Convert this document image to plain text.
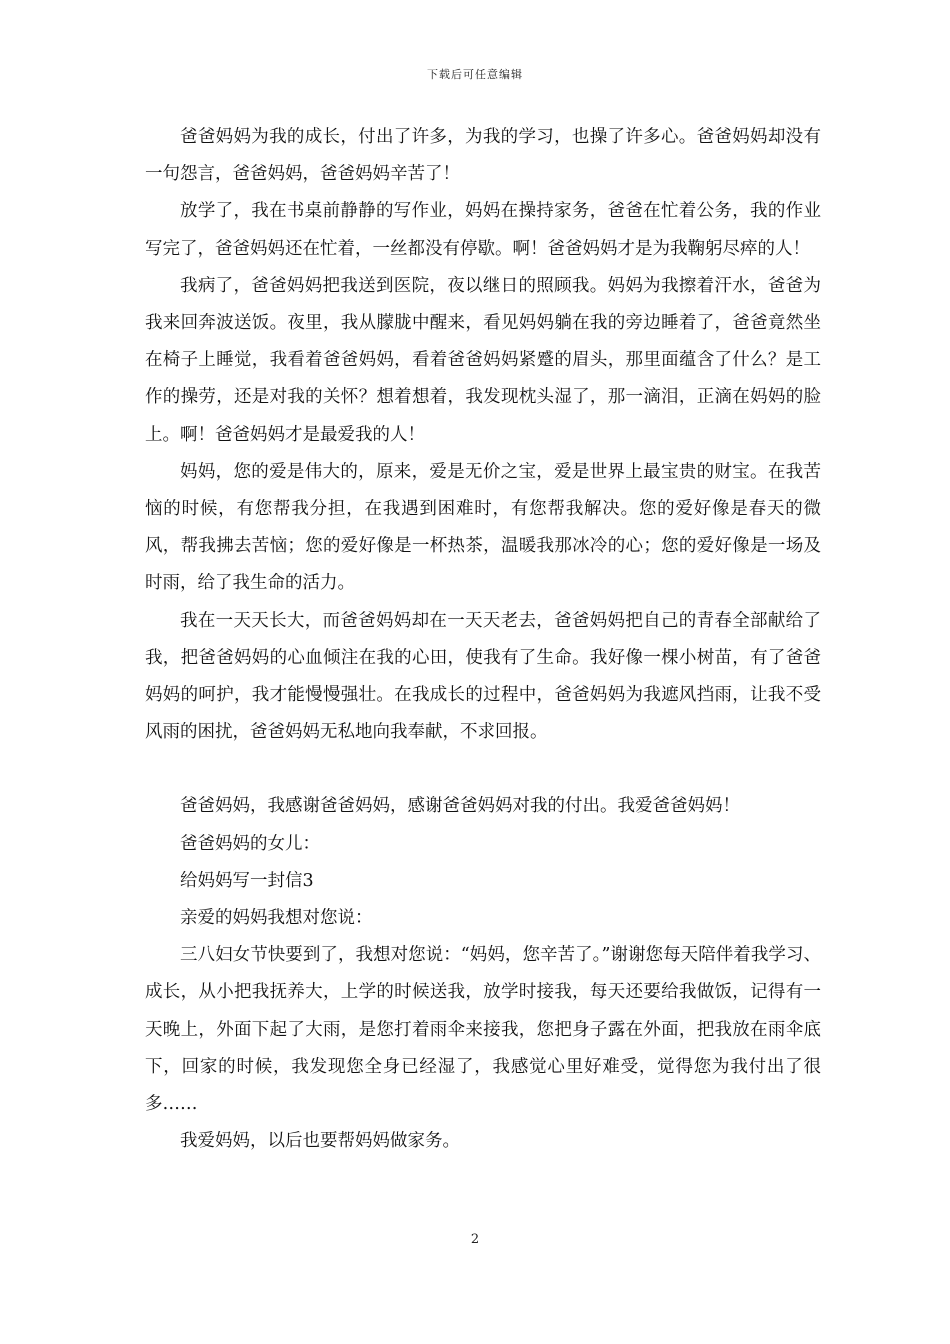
下载后可任意编辑

爸爸妈妈为我的成长，付出了许多，为我的学习，也操了许多心。爸爸妈妈却没有一句怨言，爸爸妈妈，爸爸妈妈辛苦了！

放学了，我在书桌前静静的写作业，妈妈在操持家务，爸爸在忙着公务，我的作业写完了，爸爸妈妈还在忙着，一丝都没有停歇。啊！爸爸妈妈才是为我鞠躬尽瘁的人！

我病了，爸爸妈妈把我送到医院，夜以继日的照顾我。妈妈为我擦着汗水，爸爸为我来回奔波送饭。夜里，我从朦胧中醒来，看见妈妈躺在我的旁边睡着了，爸爸竟然坐在椅子上睡觉，我看着爸爸妈妈，看着爸爸妈妈紧蹙的眉头，那里面蕴含了什么？是工作的操劳，还是对我的关怀？想着想着，我发现枕头湿了，那一滴泪，正滴在妈妈的脸上。啊！爸爸妈妈才是最爱我的人！

妈妈，您的爱是伟大的，原来，爱是无价之宝，爱是世界上最宝贵的财宝。在我苦恼的时候，有您帮我分担，在我遇到困难时，有您帮我解决。您的爱好像是春天的微风，帮我拂去苦恼；您的爱好像是一杯热茶，温暖我那冰冷的心；您的爱好像是一场及时雨，给了我生命的活力。

我在一天天长大，而爸爸妈妈却在一天天老去，爸爸妈妈把自己的青春全部献给了我，把爸爸妈妈的心血倾注在我的心田，使我有了生命。我好像一棵小树苗，有了爸爸妈妈的呵护，我才能慢慢强壮。在我成长的过程中，爸爸妈妈为我遮风挡雨，让我不受风雨的困扰，爸爸妈妈无私地向我奉献，不求回报。

爸爸妈妈，我感谢爸爸妈妈，感谢爸爸妈妈对我的付出。我爱爸爸妈妈！

爸爸妈妈的女儿：

给妈妈写一封信3

亲爱的妈妈我想对您说：

三八妇女节快要到了，我想对您说：“妈妈，您辛苦了。”谢谢您每天陪伴着我学习、成长，从小把我抚养大，上学的时候送我，放学时接我，每天还要给我做饭，记得有一天晚上，外面下起了大雨，是您打着雨伞来接我，您把身子露在外面，把我放在雨伞底下，回家的时候，我发现您全身已经湿了，我感觉心里好难受，觉得您为我付出了很多……

我爱妈妈，以后也要帮妈妈做家务。

2
